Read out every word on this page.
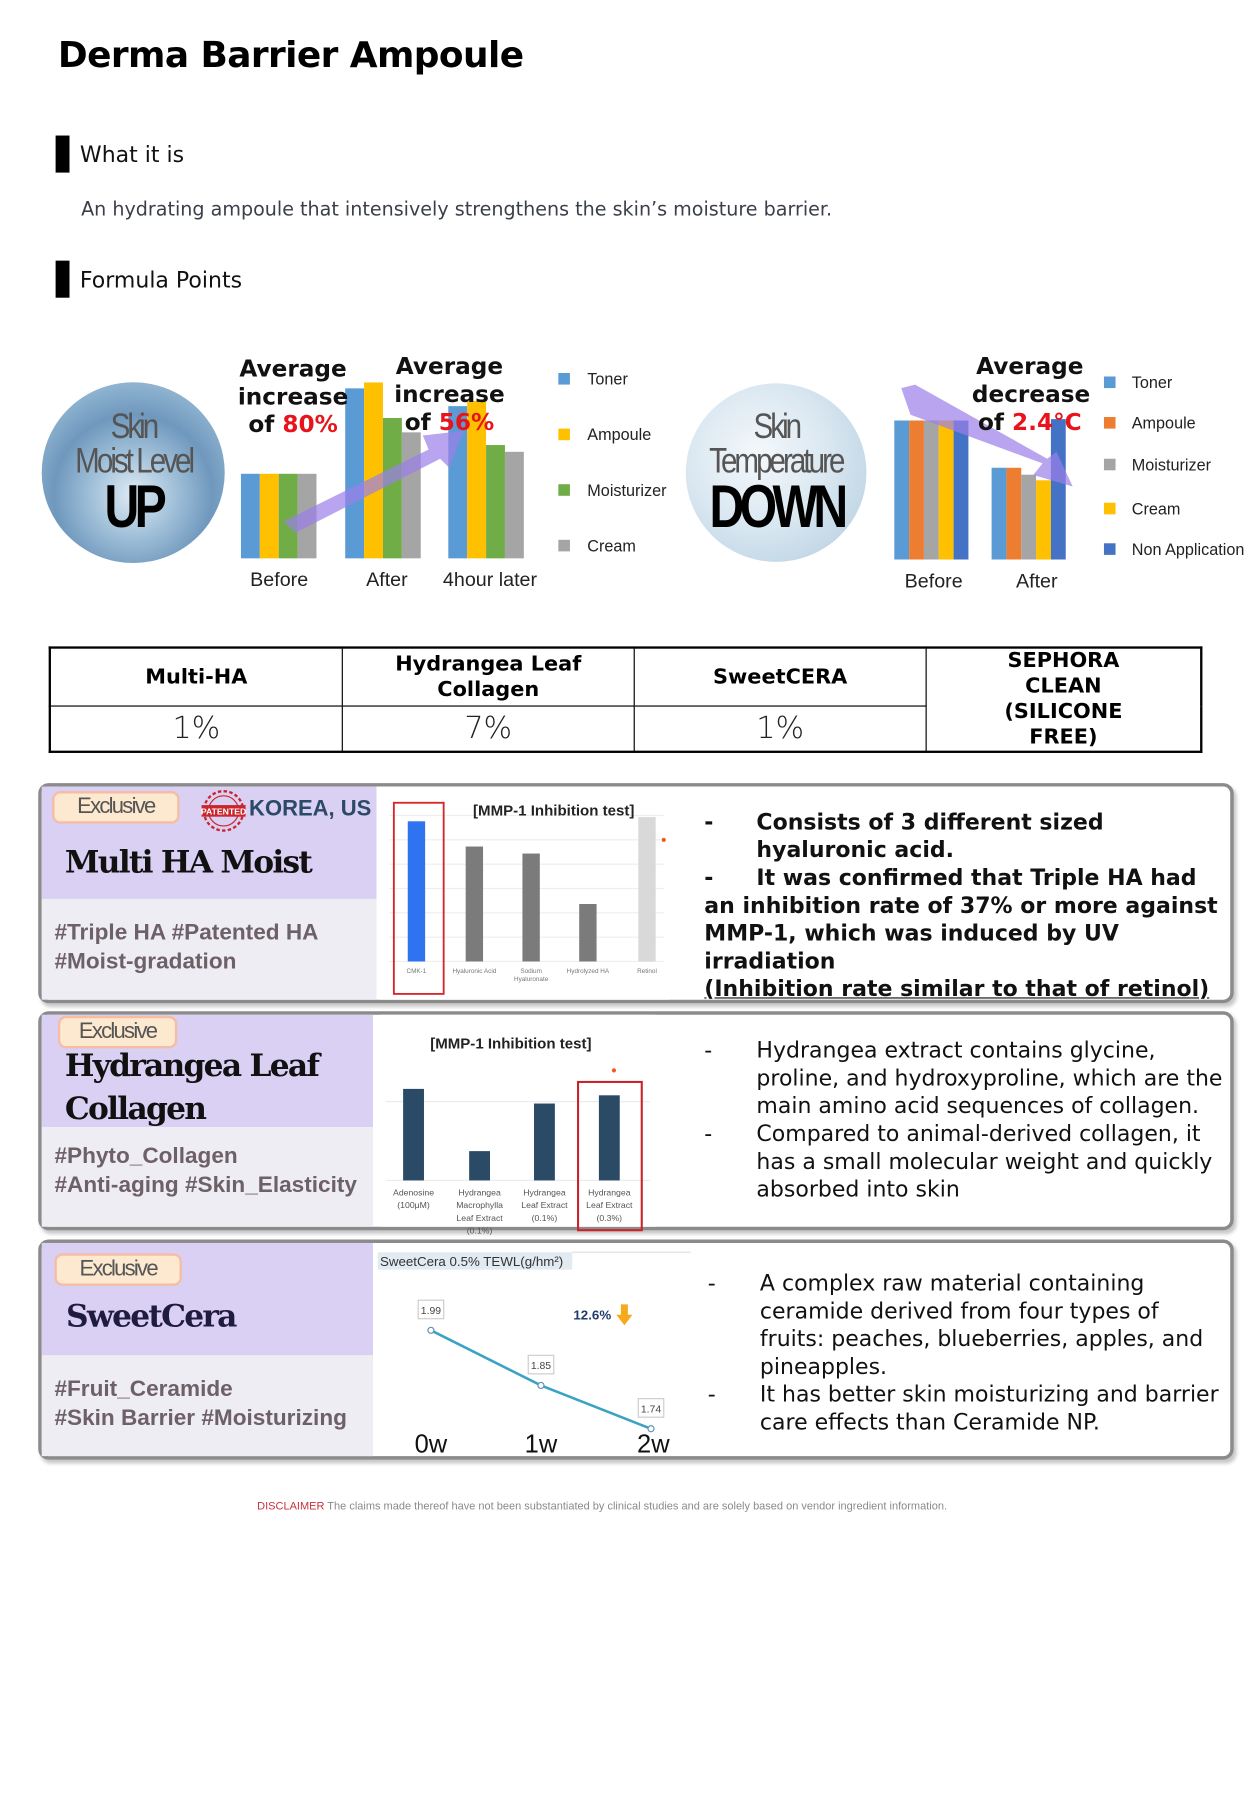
Derma Barrier Ampoule
What it is
An hydrating ampoule that intensively strengthens the skin’s moisture barrier.
Formula Points
Skin
Moist Level
UP
Before	After 4hour later
Toner
Ampoule
Moisturizer
Cream
Average
increase
of 80%
Average
increase
of 56%	Skin
Temperature
DOWN
Before	After
Toner
Ampoule
Moisturizer
Cream
Non Application
Average
decrease
of 2.4°C
Multi-HA	Hydrangea Leaf Collagen	SweetCERA	SEPHORA CLEAN (SILICONE FREE)
1%	7%	1%	
[MMP-1 Inhibition test]
CMK-1	Hyaluronic Acid	Sodium
Hyaluronate
Hydrolyzed HA	Retinol
Exclusive	PATENTED KOREA, US
Multi HA Moist
#Triple HA #Patented HA
#Moist-gradation
-	Consists of 3 different sized hyaluronic acid.
- It was confirmed that Triple HA had an inhibition rate of 37% or more against MMP-1, which was induced by UV irradiation
(Inhibition rate similar to that of retinol)
[MMP-1 Inhibition test]
Adenosine
(100μM)
Hydrangea
Macrophylla
Leaf Extract
(0.1%)
Hydrangea
Leaf Extract
(0.1%)
Hydrangea
Leaf Extract
(0.3%)
Exclusive
Hydrangea Leaf
Collagen
#Phyto_Collagen
#Anti-aging #Skin_Elasticity
-	Hydrangea extract contains glycine, proline, and hydroxyproline, which are the main amino acid sequences of collagen.
-	Compared to animal-derived collagen, it has a small molecular weight and quickly absorbed into skin
SweetCera 0.5% TEWL(g/hm²)
1.99
0w
1.85
1w
1.74
2w
12.6%
Exclusive
SweetCera
#Fruit_Ceramide
#Skin Barrier #Moisturizing
-	A complex raw material containing ceramide derived from four types of fruits: peaches, blueberries, apples, and pineapples.
-	It has better skin moisturizing and barrier care effects than Ceramide NP.
DISCLAIMER The claims made thereof have not been substantiated by clinical studies and are solely based on vendor ingredient information.
